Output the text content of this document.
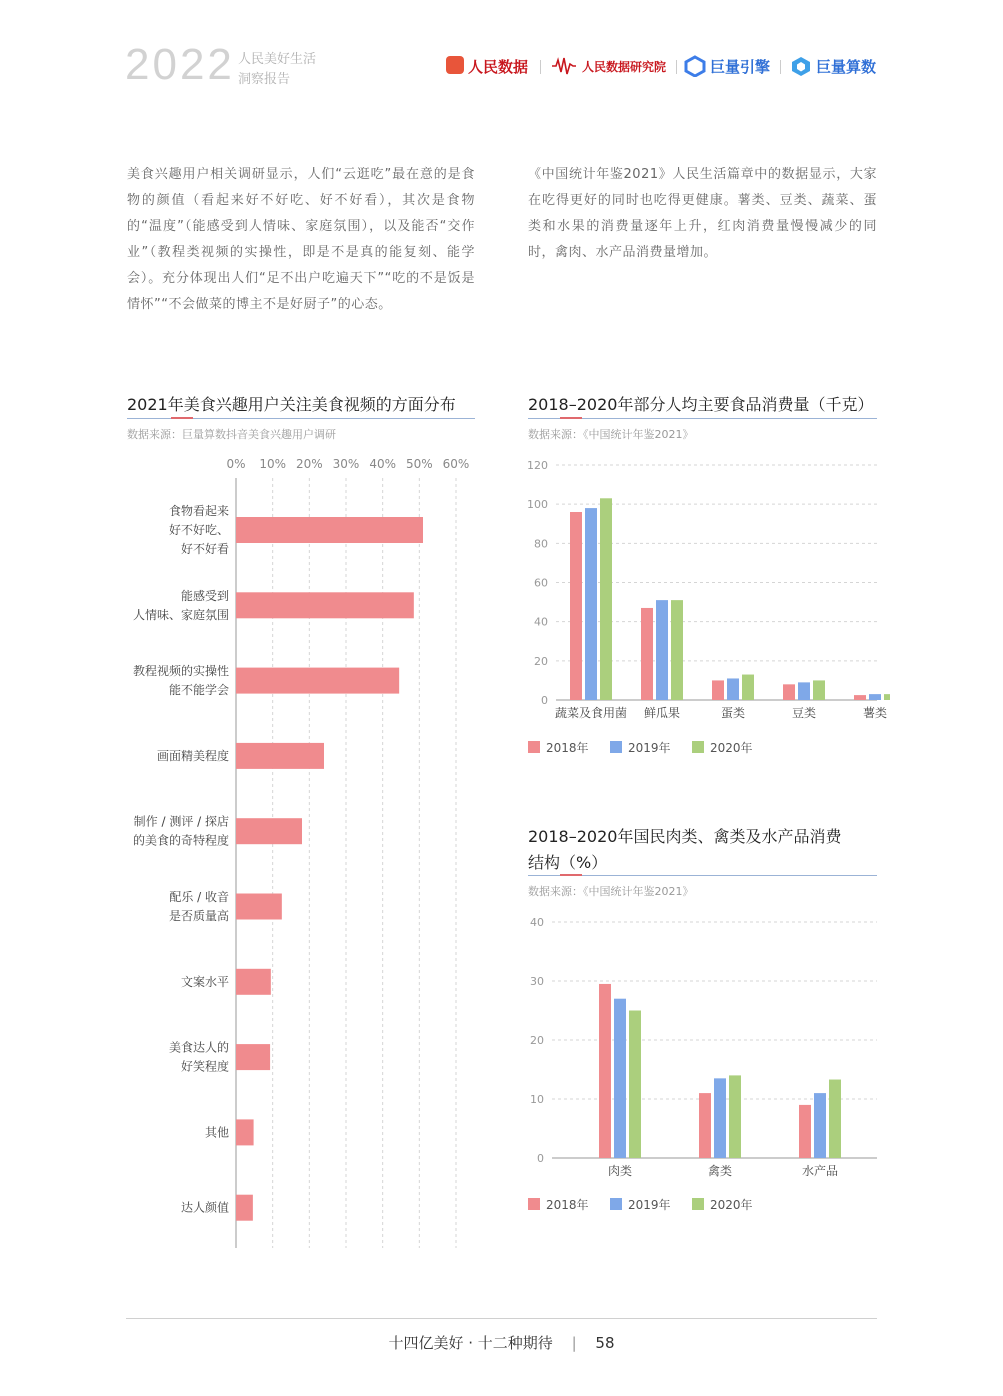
2022 人民美好生活
洞察报告
人民数据	人民数据研究院	巨量引擎	巨量算数
美食兴趣用户相关调研显示，人们“云逛吃”最在意的是食物的颜值（看起来好不好吃、好不好看），其次是食物的“温度”（能感受到人情味、家庭氛围），以及能否“交作业”（教程类视频的实操性，即是不是真的能复刻、能学会）。充分体现出人们“足不出户吃遍天下”“吃的不是饭是情怀”“不会做菜的博主不是好厨子”的心态。
《中国统计年鉴2021》人民生活篇章中的数据显示，大家在吃得更好的同时也吃得更健康。薯类、豆类、蔬菜、蛋类和水果的消费量逐年上升，红肉消费量慢慢减少的同时，禽肉、水产品消费量增加。
2021年美食兴趣用户关注美食视频的方面分布
数据来源：巨量算数抖音美食兴趣用户调研
0% 10% 20% 30% 40% 50% 60%
食物看起来
好不好吃、
好不好看
能感受到
人情味、家庭氛围
教程视频的实操性
能不能学会
画面精美程度
制作 / 测评 / 探店
的美食的奇特程度
配乐 / 收音
是否质量高
文案水平
美食达人的
好笑程度
其他
达人颜值
2018–2020年部分人均主要食品消费量（千克）
数据来源：《中国统计年鉴2021》
0
20
40
60
80
100
120
蔬菜及食用菌 鲜瓜果	蛋类	豆类	薯类
2018年	2019年	2020年
2018–2020年国民肉类、禽类及水产品消费
结构（%）
数据来源：《中国统计年鉴2021》
0
10
20
30
40
肉类	禽类	水产品
2018年	2019年	2020年
十四亿美好 · 十二种期待 | 58
